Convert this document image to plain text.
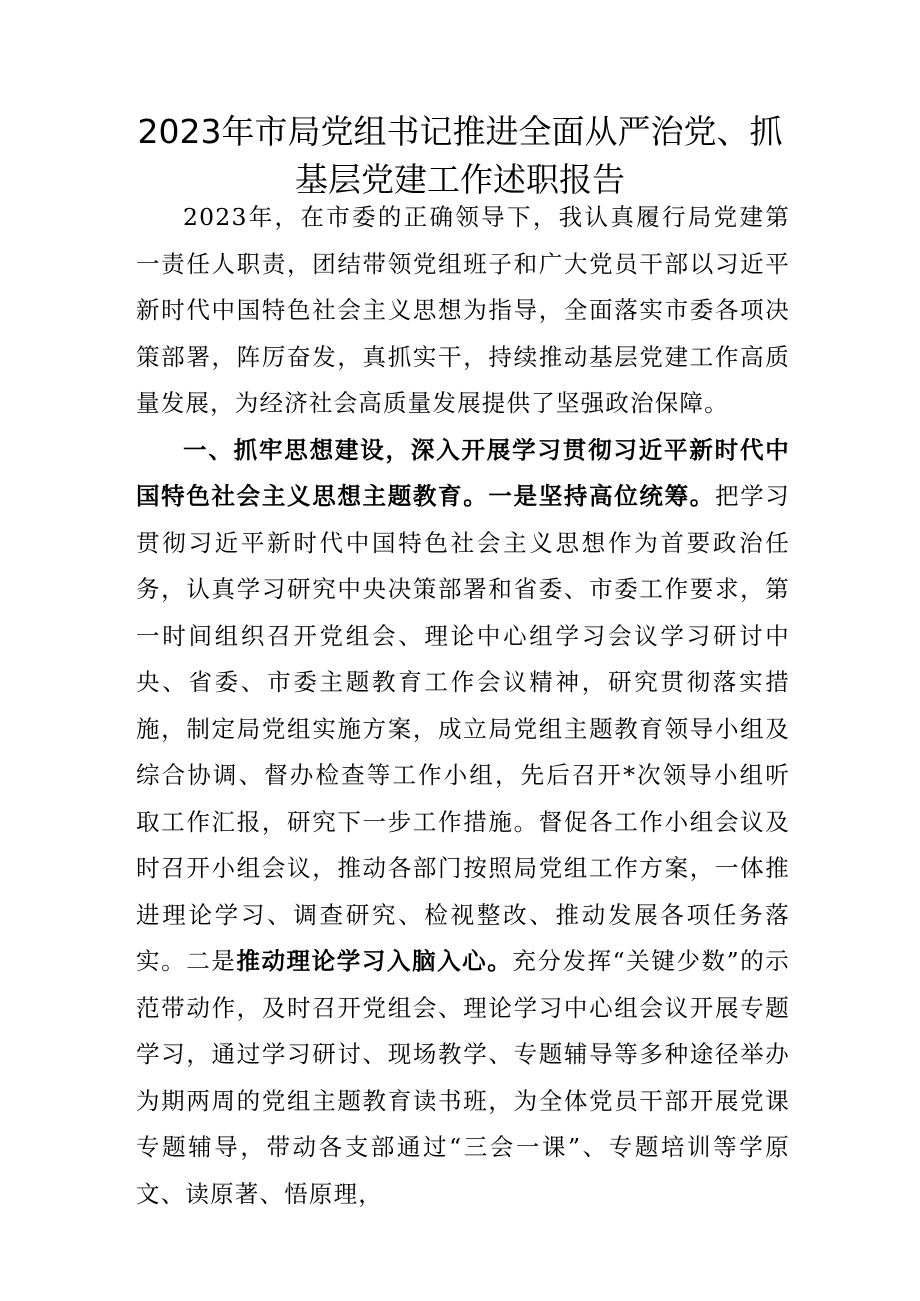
2023年市局党组书记推进全面从严治党、抓
基层党建工作述职报告

2023年，在市委的正确领导下，我认真履行局党建第一责任人职责，团结带领党组班子和广大党员干部以习近平新时代中国特色社会主义思想为指导，全面落实市委各项决策部署，阵厉奋发，真抓实干，持续推动基层党建工作高质量发展，为经济社会高质量发展提供了坚强政治保障。

一、抓牢思想建设，深入开展学习贯彻习近平新时代中国特色社会主义思想主题教育。一是坚持高位统筹。把学习贯彻习近平新时代中国特色社会主义思想作为首要政治任务，认真学习研究中央决策部署和省委、市委工作要求，第一时间组织召开党组会、理论中心组学习会议学习研讨中央、省委、市委主题教育工作会议精神，研究贯彻落实措施，制定局党组实施方案，成立局党组主题教育领导小组及综合协调、督办检查等工作小组，先后召开*次领导小组听取工作汇报，研究下一步工作措施。督促各工作小组会议及时召开小组会议，推动各部门按照局党组工作方案，一体推进理论学习、调查研究、检视整改、推动发展各项任务落实。二是推动理论学习入脑入心。充分发挥“关键少数”的示范带动作，及时召开党组会、理论学习中心组会议开展专题学习，通过学习研讨、现场教学、专题辅导等多种途径举办为期两周的党组主题教育读书班，为全体党员干部开展党课专题辅导，带动各支部通过“三会一课”、专题培训等学原文、读原著、悟原理，
